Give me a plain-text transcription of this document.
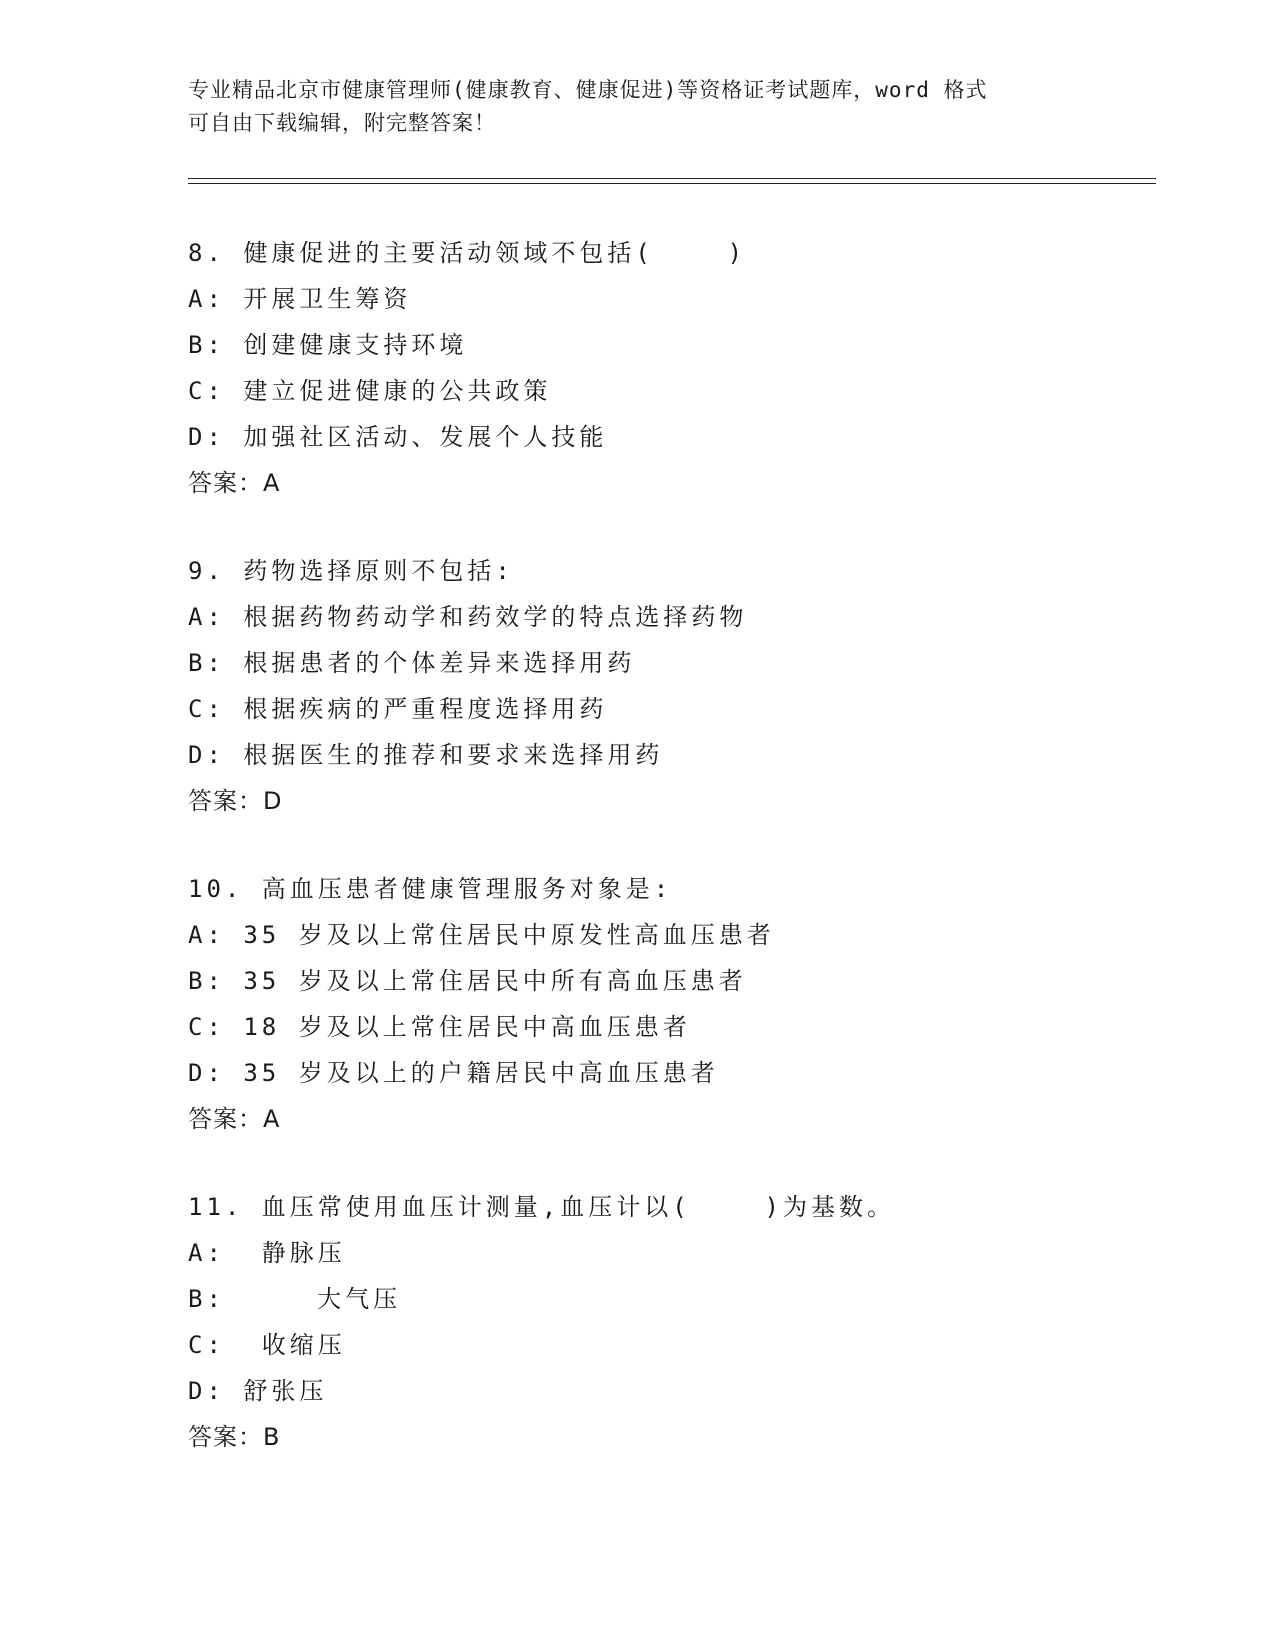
专业精品北京市健康管理师(健康教育、健康促进)等资格证考试题库，word 格式
可自由下载编辑，附完整答案！
8. 健康促进的主要活动领域不包括(    )
A: 开展卫生筹资
B: 创建健康支持环境
C: 建立促进健康的公共政策
D: 加强社区活动、发展个人技能
答案：A
9. 药物选择原则不包括:
A: 根据药物药动学和药效学的特点选择药物
B: 根据患者的个体差异来选择用药
C: 根据疾病的严重程度选择用药
D: 根据医生的推荐和要求来选择用药
答案：D
10. 高血压患者健康管理服务对象是:
A: 35 岁及以上常住居民中原发性高血压患者
B: 35 岁及以上常住居民中所有高血压患者
C: 18 岁及以上常住居民中高血压患者
D: 35 岁及以上的户籍居民中高血压患者
答案：A
11. 血压常使用血压计测量,血压计以(    )为基数。
A:  静脉压
B:     大气压
C:  收缩压
D: 舒张压
答案：B
